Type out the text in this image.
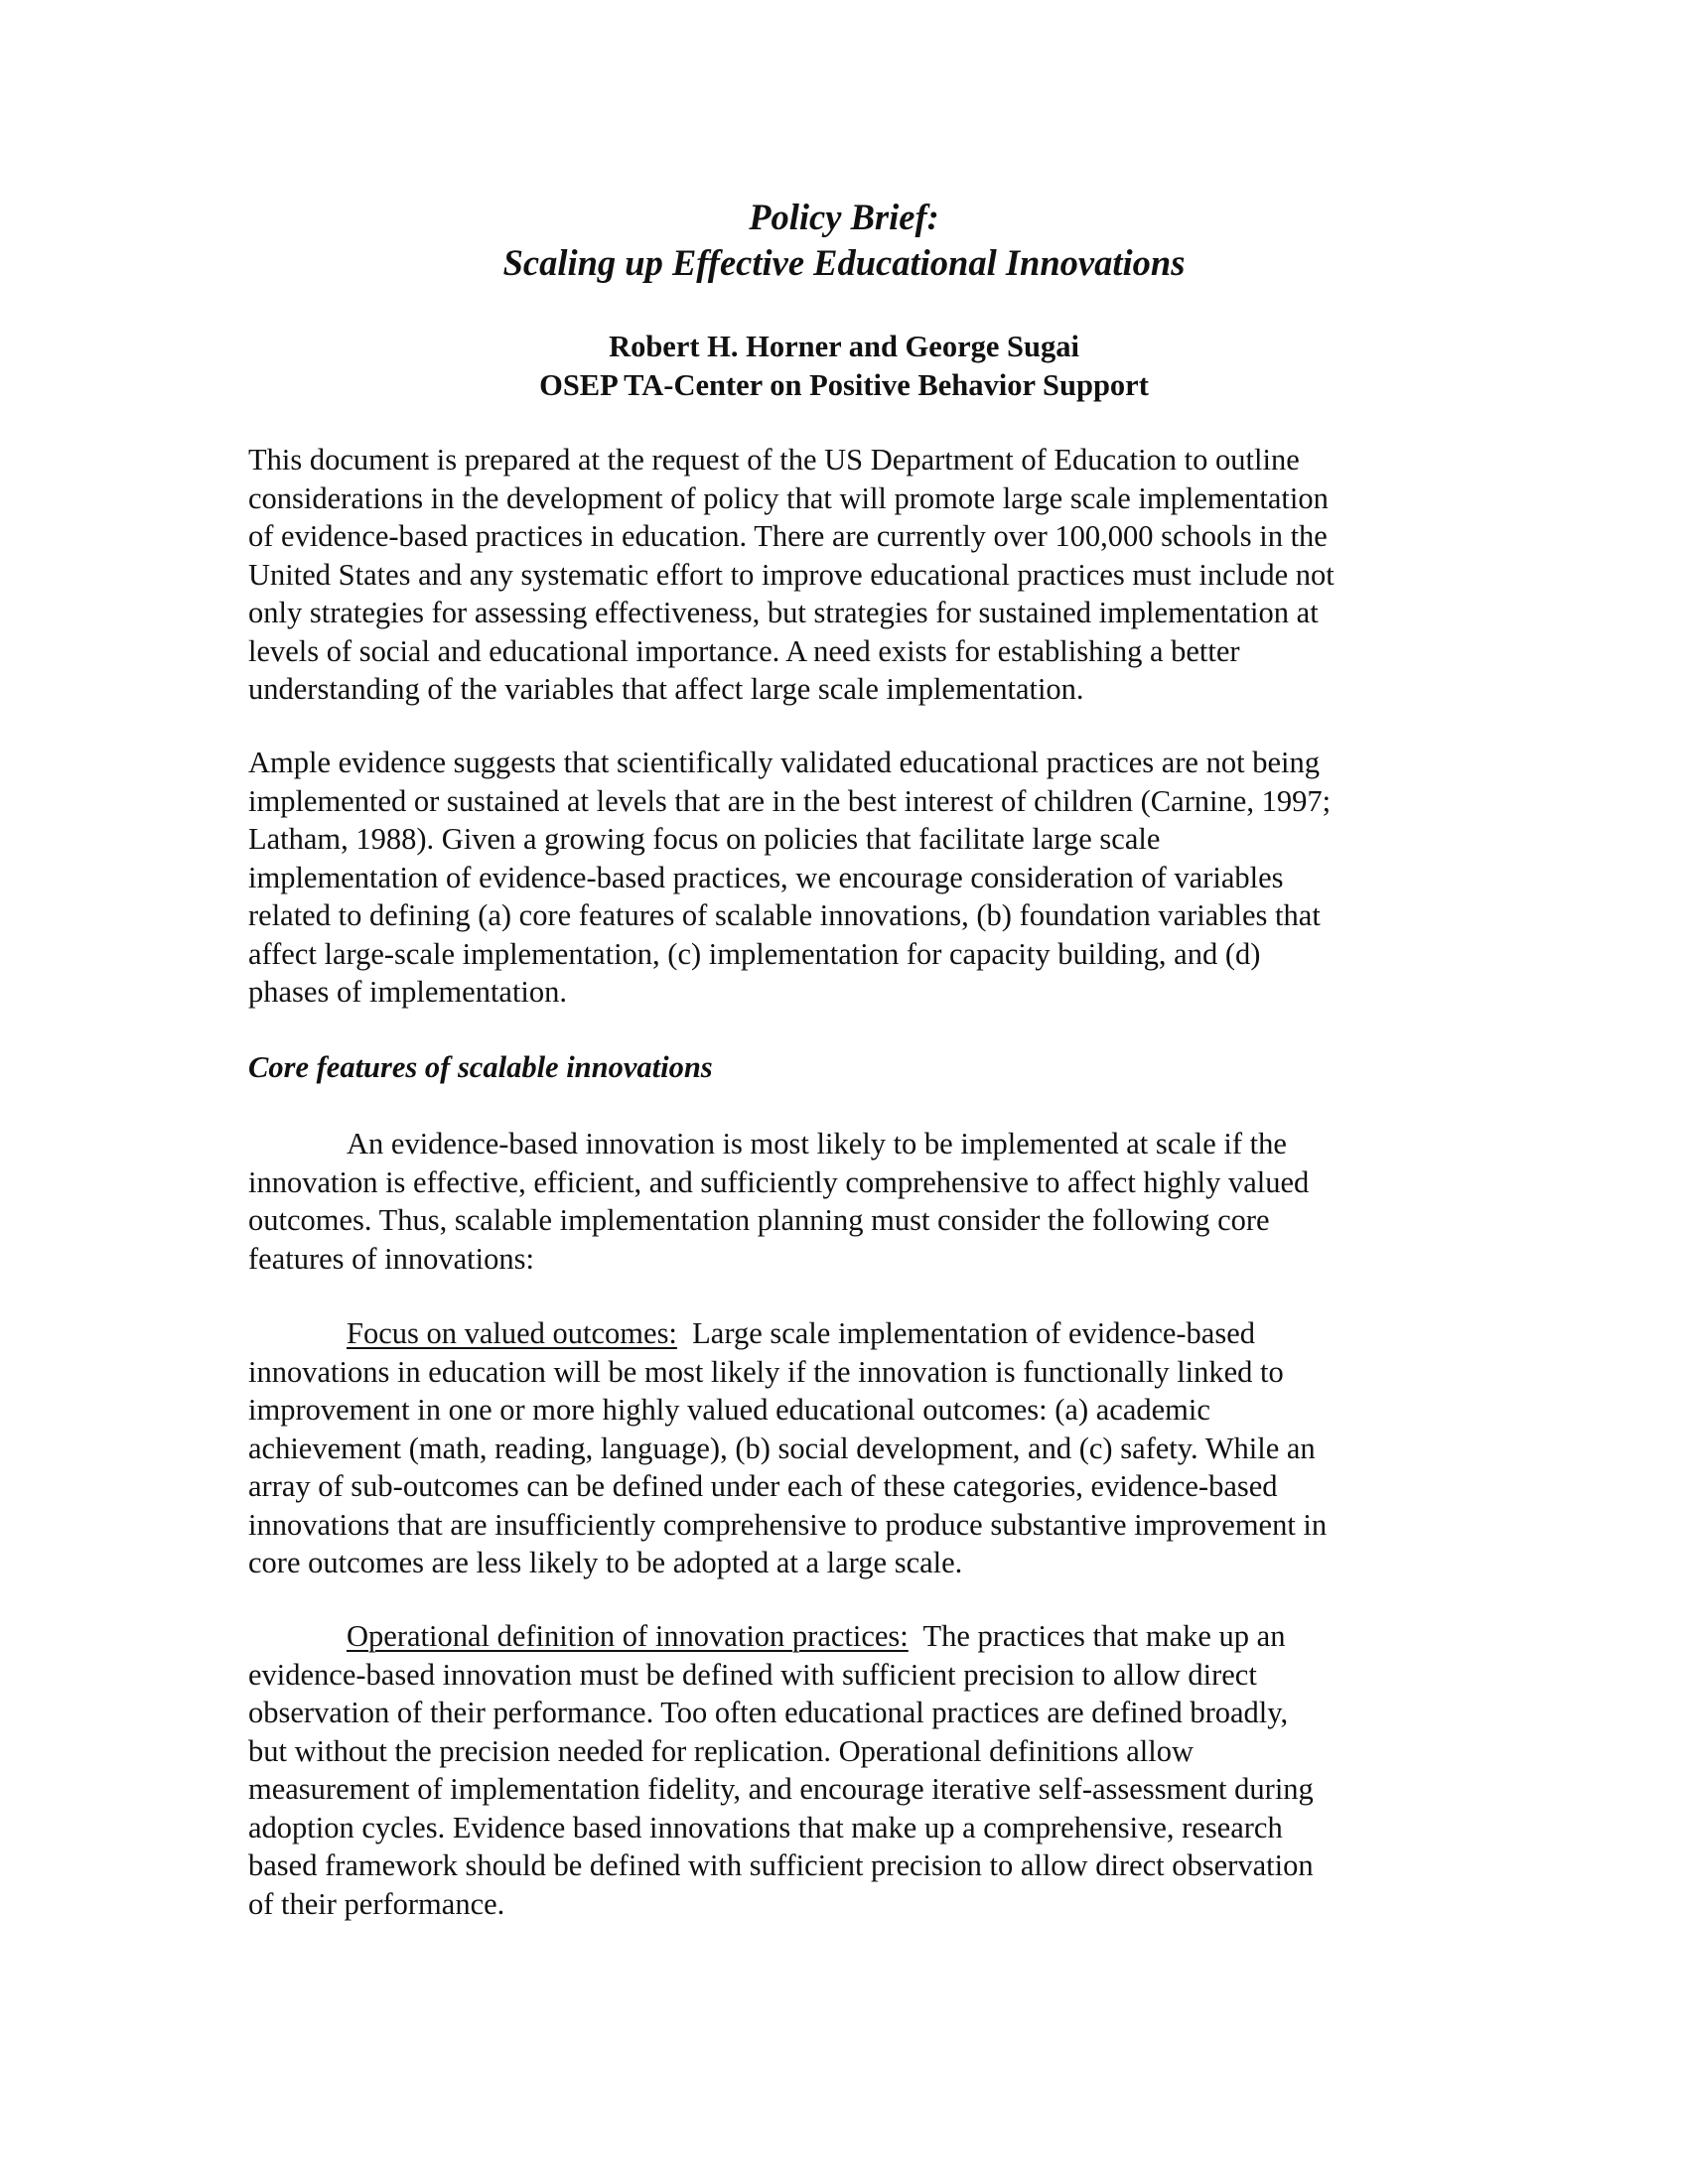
Policy Brief:
Scaling up Effective Educational Innovations
Robert H. Horner and George Sugai
OSEP TA-Center on Positive Behavior Support

This document is prepared at the request of the US Department of Education to outline
considerations in the development of policy that will promote large scale implementation
of evidence-based practices in education. There are currently over 100,000 schools in the
United States and any systematic effort to improve educational practices must include not
only strategies for assessing effectiveness, but strategies for sustained implementation at
levels of social and educational importance. A need exists for establishing a better
understanding of the variables that affect large scale implementation.

Ample evidence suggests that scientifically validated educational practices are not being
implemented or sustained at levels that are in the best interest of children (Carnine, 1997;
Latham, 1988). Given a growing focus on policies that facilitate large scale
implementation of evidence-based practices, we encourage consideration of variables
related to defining (a) core features of scalable innovations, (b) foundation variables that
affect large-scale implementation, (c) implementation for capacity building, and (d)
phases of implementation.

Core features of scalable innovations

An evidence-based innovation is most likely to be implemented at scale if the
innovation is effective, efficient, and sufficiently comprehensive to affect highly valued
outcomes. Thus, scalable implementation planning must consider the following core
features of innovations:

Focus on valued outcomes:  Large scale implementation of evidence-based
innovations in education will be most likely if the innovation is functionally linked to
improvement in one or more highly valued educational outcomes: (a) academic
achievement (math, reading, language), (b) social development, and (c) safety. While an
array of sub-outcomes can be defined under each of these categories, evidence-based
innovations that are insufficiently comprehensive to produce substantive improvement in
core outcomes are less likely to be adopted at a large scale.

Operational definition of innovation practices:  The practices that make up an
evidence-based innovation must be defined with sufficient precision to allow direct
observation of their performance. Too often educational practices are defined broadly,
but without the precision needed for replication. Operational definitions allow
measurement of implementation fidelity, and encourage iterative self-assessment during
adoption cycles. Evidence based innovations that make up a comprehensive, research
based framework should be defined with sufficient precision to allow direct observation
of their performance.
